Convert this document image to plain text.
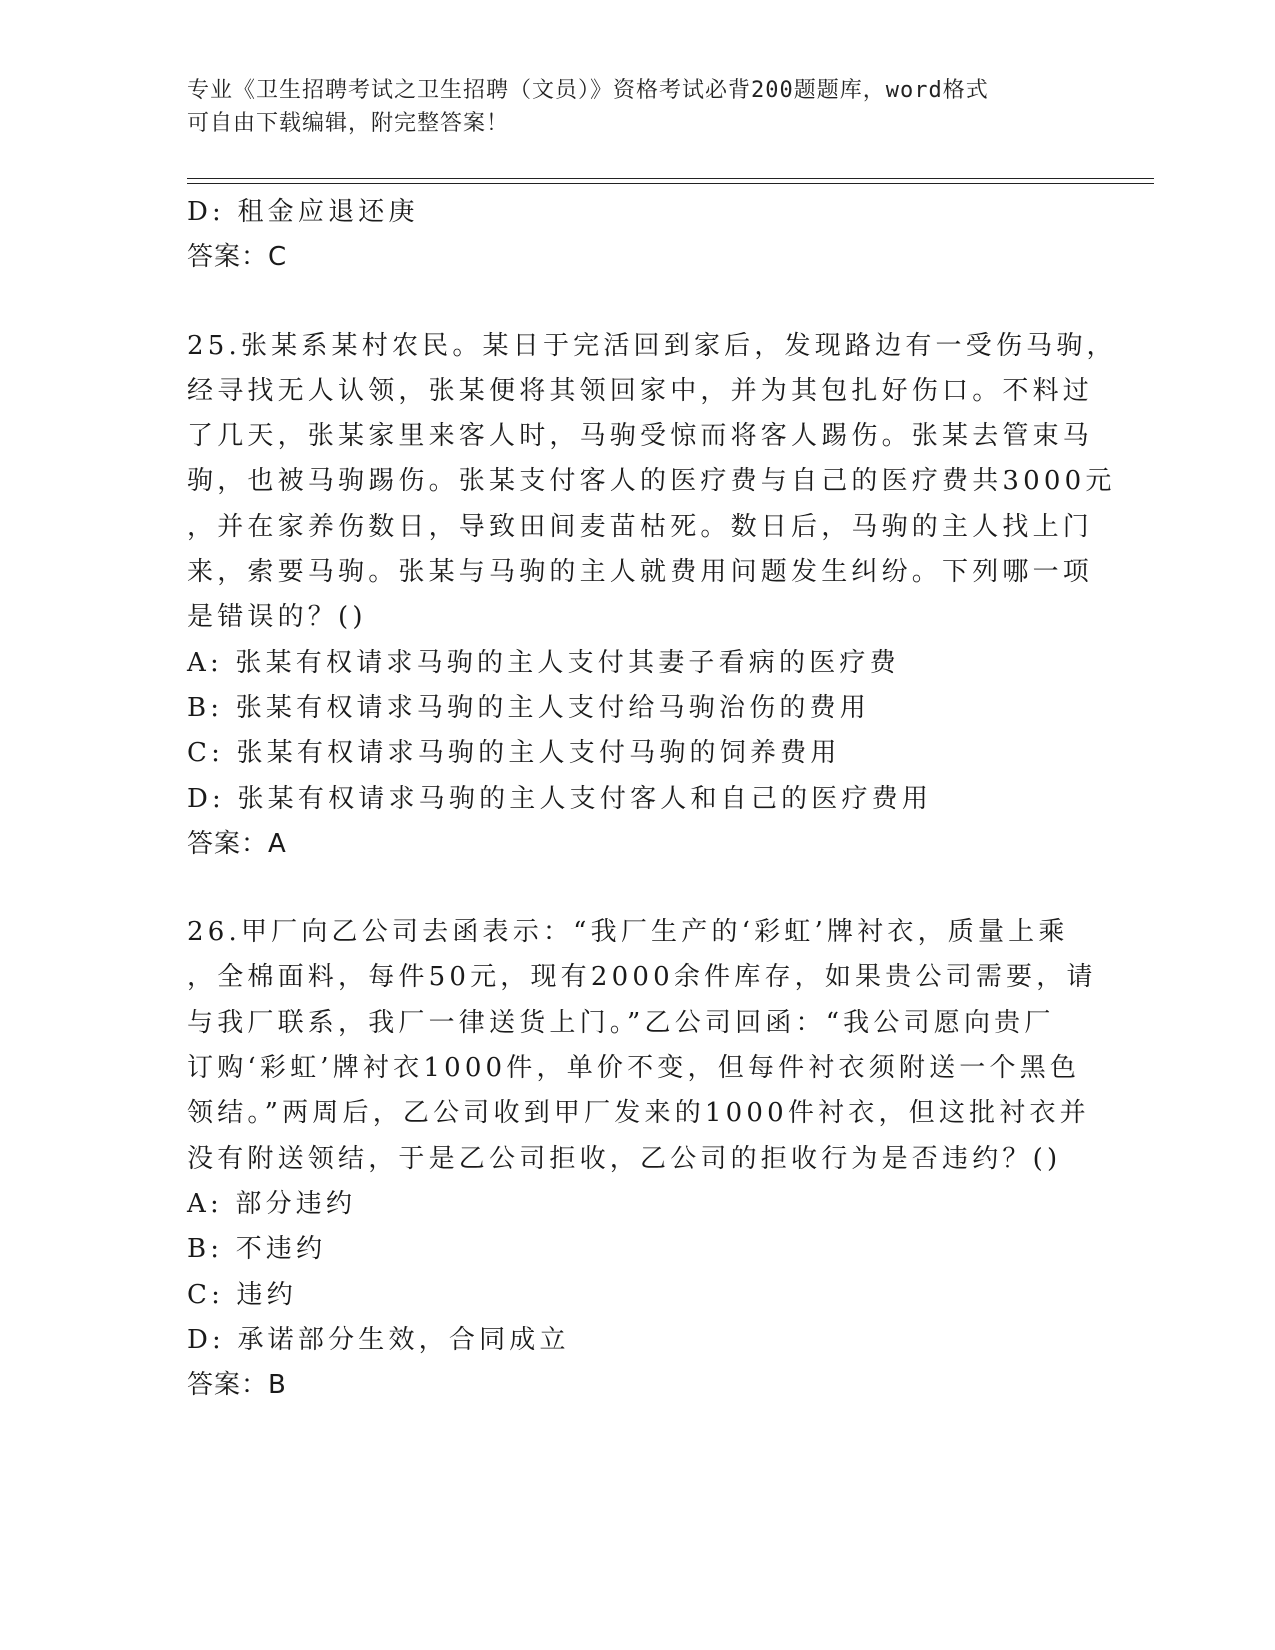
专业《卫生招聘考试之卫生招聘（文员）》资格考试必背200题题库，word格式
可自由下载编辑，附完整答案！
D: 租金应退还庚
答案：C
25.张某系某村农民。某日于完活回到家后，发现路边有一受伤马驹，
经寻找无人认领，张某便将其领回家中，并为其包扎好伤口。不料过
了几天，张某家里来客人时，马驹受惊而将客人踢伤。张某去管束马
驹，也被马驹踢伤。张某支付客人的医疗费与自己的医疗费共3000元
，并在家养伤数日，导致田间麦苗枯死。数日后，马驹的主人找上门
来，索要马驹。张某与马驹的主人就费用问题发生纠纷。下列哪一项
是错误的？()
A: 张某有权请求马驹的主人支付其妻子看病的医疗费
B: 张某有权请求马驹的主人支付给马驹治伤的费用
C: 张某有权请求马驹的主人支付马驹的饲养费用
D: 张某有权请求马驹的主人支付客人和自己的医疗费用
答案：A
26.甲厂向乙公司去函表示：“我厂生产的‘彩虹’牌衬衣，质量上乘
，全棉面料，每件50元，现有2000余件库存，如果贵公司需要，请
与我厂联系，我厂一律送货上门。”乙公司回函：“我公司愿向贵厂
订购‘彩虹’牌衬衣1000件，单价不变，但每件衬衣须附送一个黑色
领结。”两周后，乙公司收到甲厂发来的1000件衬衣，但这批衬衣并
没有附送领结，于是乙公司拒收，乙公司的拒收行为是否违约？()
A: 部分违约
B: 不违约
C: 违约
D: 承诺部分生效，合同成立
答案：B
